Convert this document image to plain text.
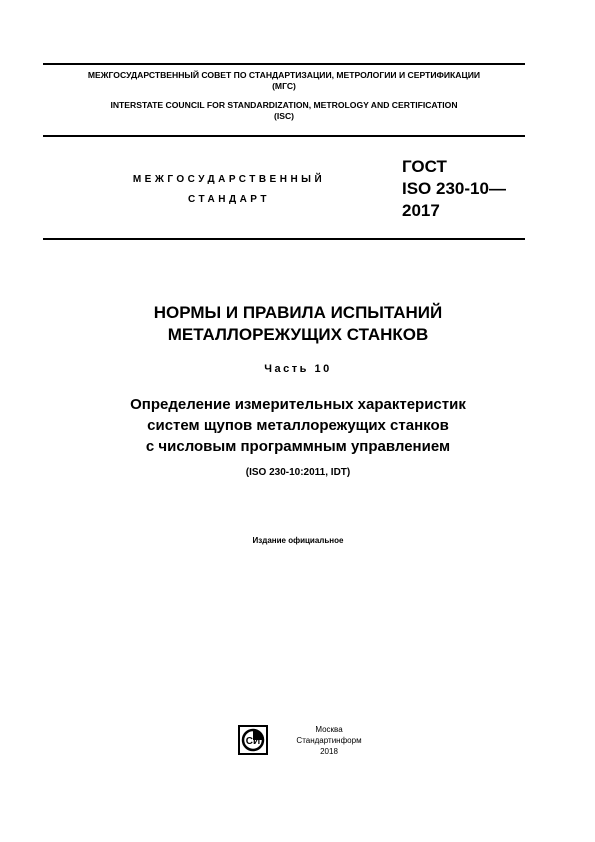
МЕЖГОСУДАРСТВЕННЫЙ СОВЕТ ПО СТАНДАРТИЗАЦИИ, МЕТРОЛОГИИ И СЕРТИФИКАЦИИ
(МГС)
INTERSTATE COUNCIL FOR STANDARDIZATION, METROLOGY AND CERTIFICATION
(ISC)
МЕЖГОСУДАРСТВЕННЫЙ
СТАНДАРТ
ГОСТ
ISO 230-10—
2017
НОРМЫ И ПРАВИЛА ИСПЫТАНИЙ
МЕТАЛЛОРЕЖУЩИХ СТАНКОВ
Часть 10
Определение измерительных характеристик
систем щупов металлорежущих станков
с числовым программным управлением
(ISO 230-10:2011, IDT)
Издание официальное
СИ
Москва
Стандартинформ
2018
